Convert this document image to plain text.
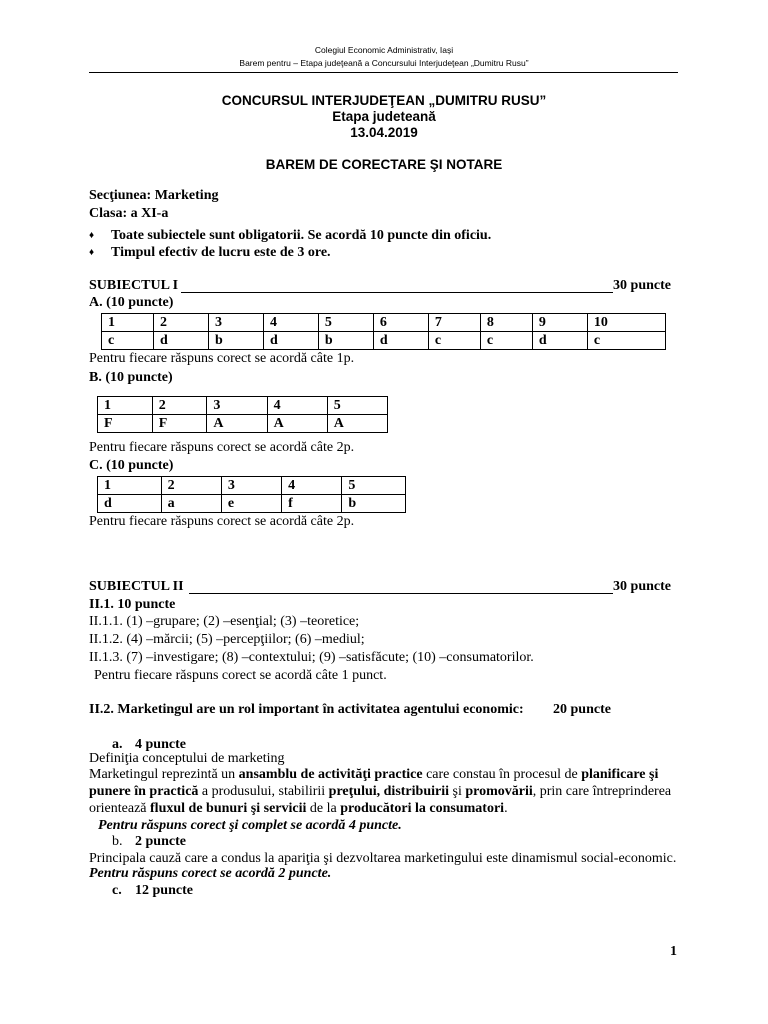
Colegiul Economic Administrativ, Iași
Barem pentru – Etapa judeţeană a Concursului Interjudeţean „Dumitru Rusu”
CONCURSUL INTERJUDEŢEAN „DUMITRU RUSU”
Etapa judeteană
13.04.2019
BAREM DE CORECTARE ŞI NOTARE
Secţiunea: Marketing
Clasa: a XI-a
♦ Toate subiectele sunt obligatorii. Se acordă 10 puncte din oficiu.
♦ Timpul efectiv de lucru este de 3 ore.
SUBIECTUL I	30 puncte
A. (10 puncte)
1	2	3	4	5	6	7	8	9	10
c	d	b	d	b	d	c	c	d	c
Pentru fiecare răspuns corect se acordă câte 1p.
B. (10 puncte)
1	2	3	4	5
F	F	A	A	A
Pentru fiecare răspuns corect se acordă câte 2p.
C. (10 puncte)
1	2	3	4	5
d	a	e	f	b
Pentru fiecare răspuns corect se acordă câte 2p.
SUBIECTUL II	30 puncte
II.1. 10 puncte
II.1.1. (1) –grupare; (2) –esenţial; (3) –teoretice;
II.1.2. (4) –mărcii; (5) –percepţiilor; (6) –mediul;
II.1.3. (7) –investigare; (8) –contextului; (9) –satisfăcute; (10) –consumatorilor.
Pentru fiecare răspuns corect se acordă câte 1 punct.
II.2. Marketingul are un rol important în activitatea agentului economic: 20 puncte
a. 4 puncte
Definiţia conceptului de marketing
Marketingul reprezintă un ansamblu de activităţi practice care constau în procesul de planificare şi
punere în practică a produsului, stabilirii preţului, distribuirii şi promovării, prin care întreprinderea
orientează fluxul de bunuri şi servicii de la producători la consumatori.
Pentru răspuns corect şi complet se acordă 4 puncte.
b. 2 puncte
Principala cauză care a condus la apariţia şi dezvoltarea marketingului este dinamismul social-economic.
Pentru răspuns corect se acordă 2 puncte.
c. 12 puncte
1
